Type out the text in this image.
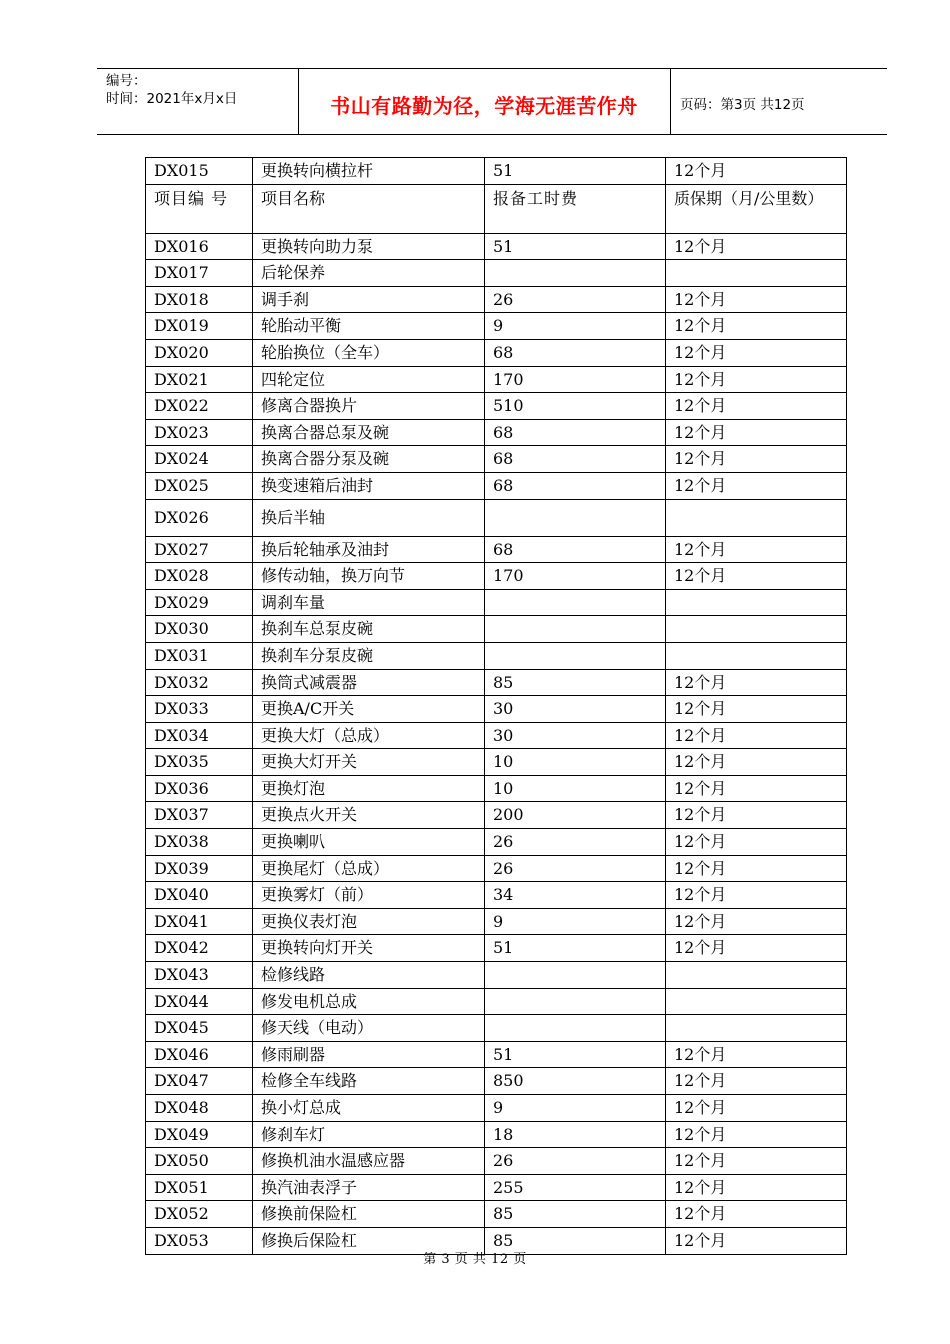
编号：
时间：2021年x月x日	书山有路勤为径，学海无涯苦作舟	页码：第3页 共12页
DX015	更换转向横拉杆	51	12个月
项目编 号	项目名称	报备工时费	质保期（月/公里数）
DX016	更换转向助力泵	51	12个月
DX017	后轮保养		
DX018	调手刹	26	12个月
DX019	轮胎动平衡	9	12个月
DX020	轮胎换位（全车）	68	12个月
DX021	四轮定位	170	12个月
DX022	修离合器换片	510	12个月
DX023	换离合器总泵及碗	68	12个月
DX024	换离合器分泵及碗	68	12个月
DX025	换变速箱后油封	68	12个月
DX026	换后半轴		
DX027	换后轮轴承及油封	68	12个月
DX028	修传动轴，换万向节	170	12个月
DX029	调刹车量		
DX030	换刹车总泵皮碗		
DX031	换刹车分泵皮碗		
DX032	换筒式减震器	85	12个月
DX033	更换A/C开关	30	12个月
DX034	更换大灯（总成）	30	12个月
DX035	更换大灯开关	10	12个月
DX036	更换灯泡	10	12个月
DX037	更换点火开关	200	12个月
DX038	更换喇叭	26	12个月
DX039	更换尾灯（总成）	26	12个月
DX040	更换雾灯（前）	34	12个月
DX041	更换仪表灯泡	9	12个月
DX042	更换转向灯开关	51	12个月
DX043	检修线路		
DX044	修发电机总成		
DX045	修天线（电动）		
DX046	修雨刷器	51	12个月
DX047	检修全车线路	850	12个月
DX048	换小灯总成	9	12个月
DX049	修刹车灯	18	12个月
DX050	修换机油水温感应器	26	12个月
DX051	换汽油表浮子	255	12个月
DX052	修换前保险杠	85	12个月
DX053	修换后保险杠	85	12个月
第 3 页 共 12 页
